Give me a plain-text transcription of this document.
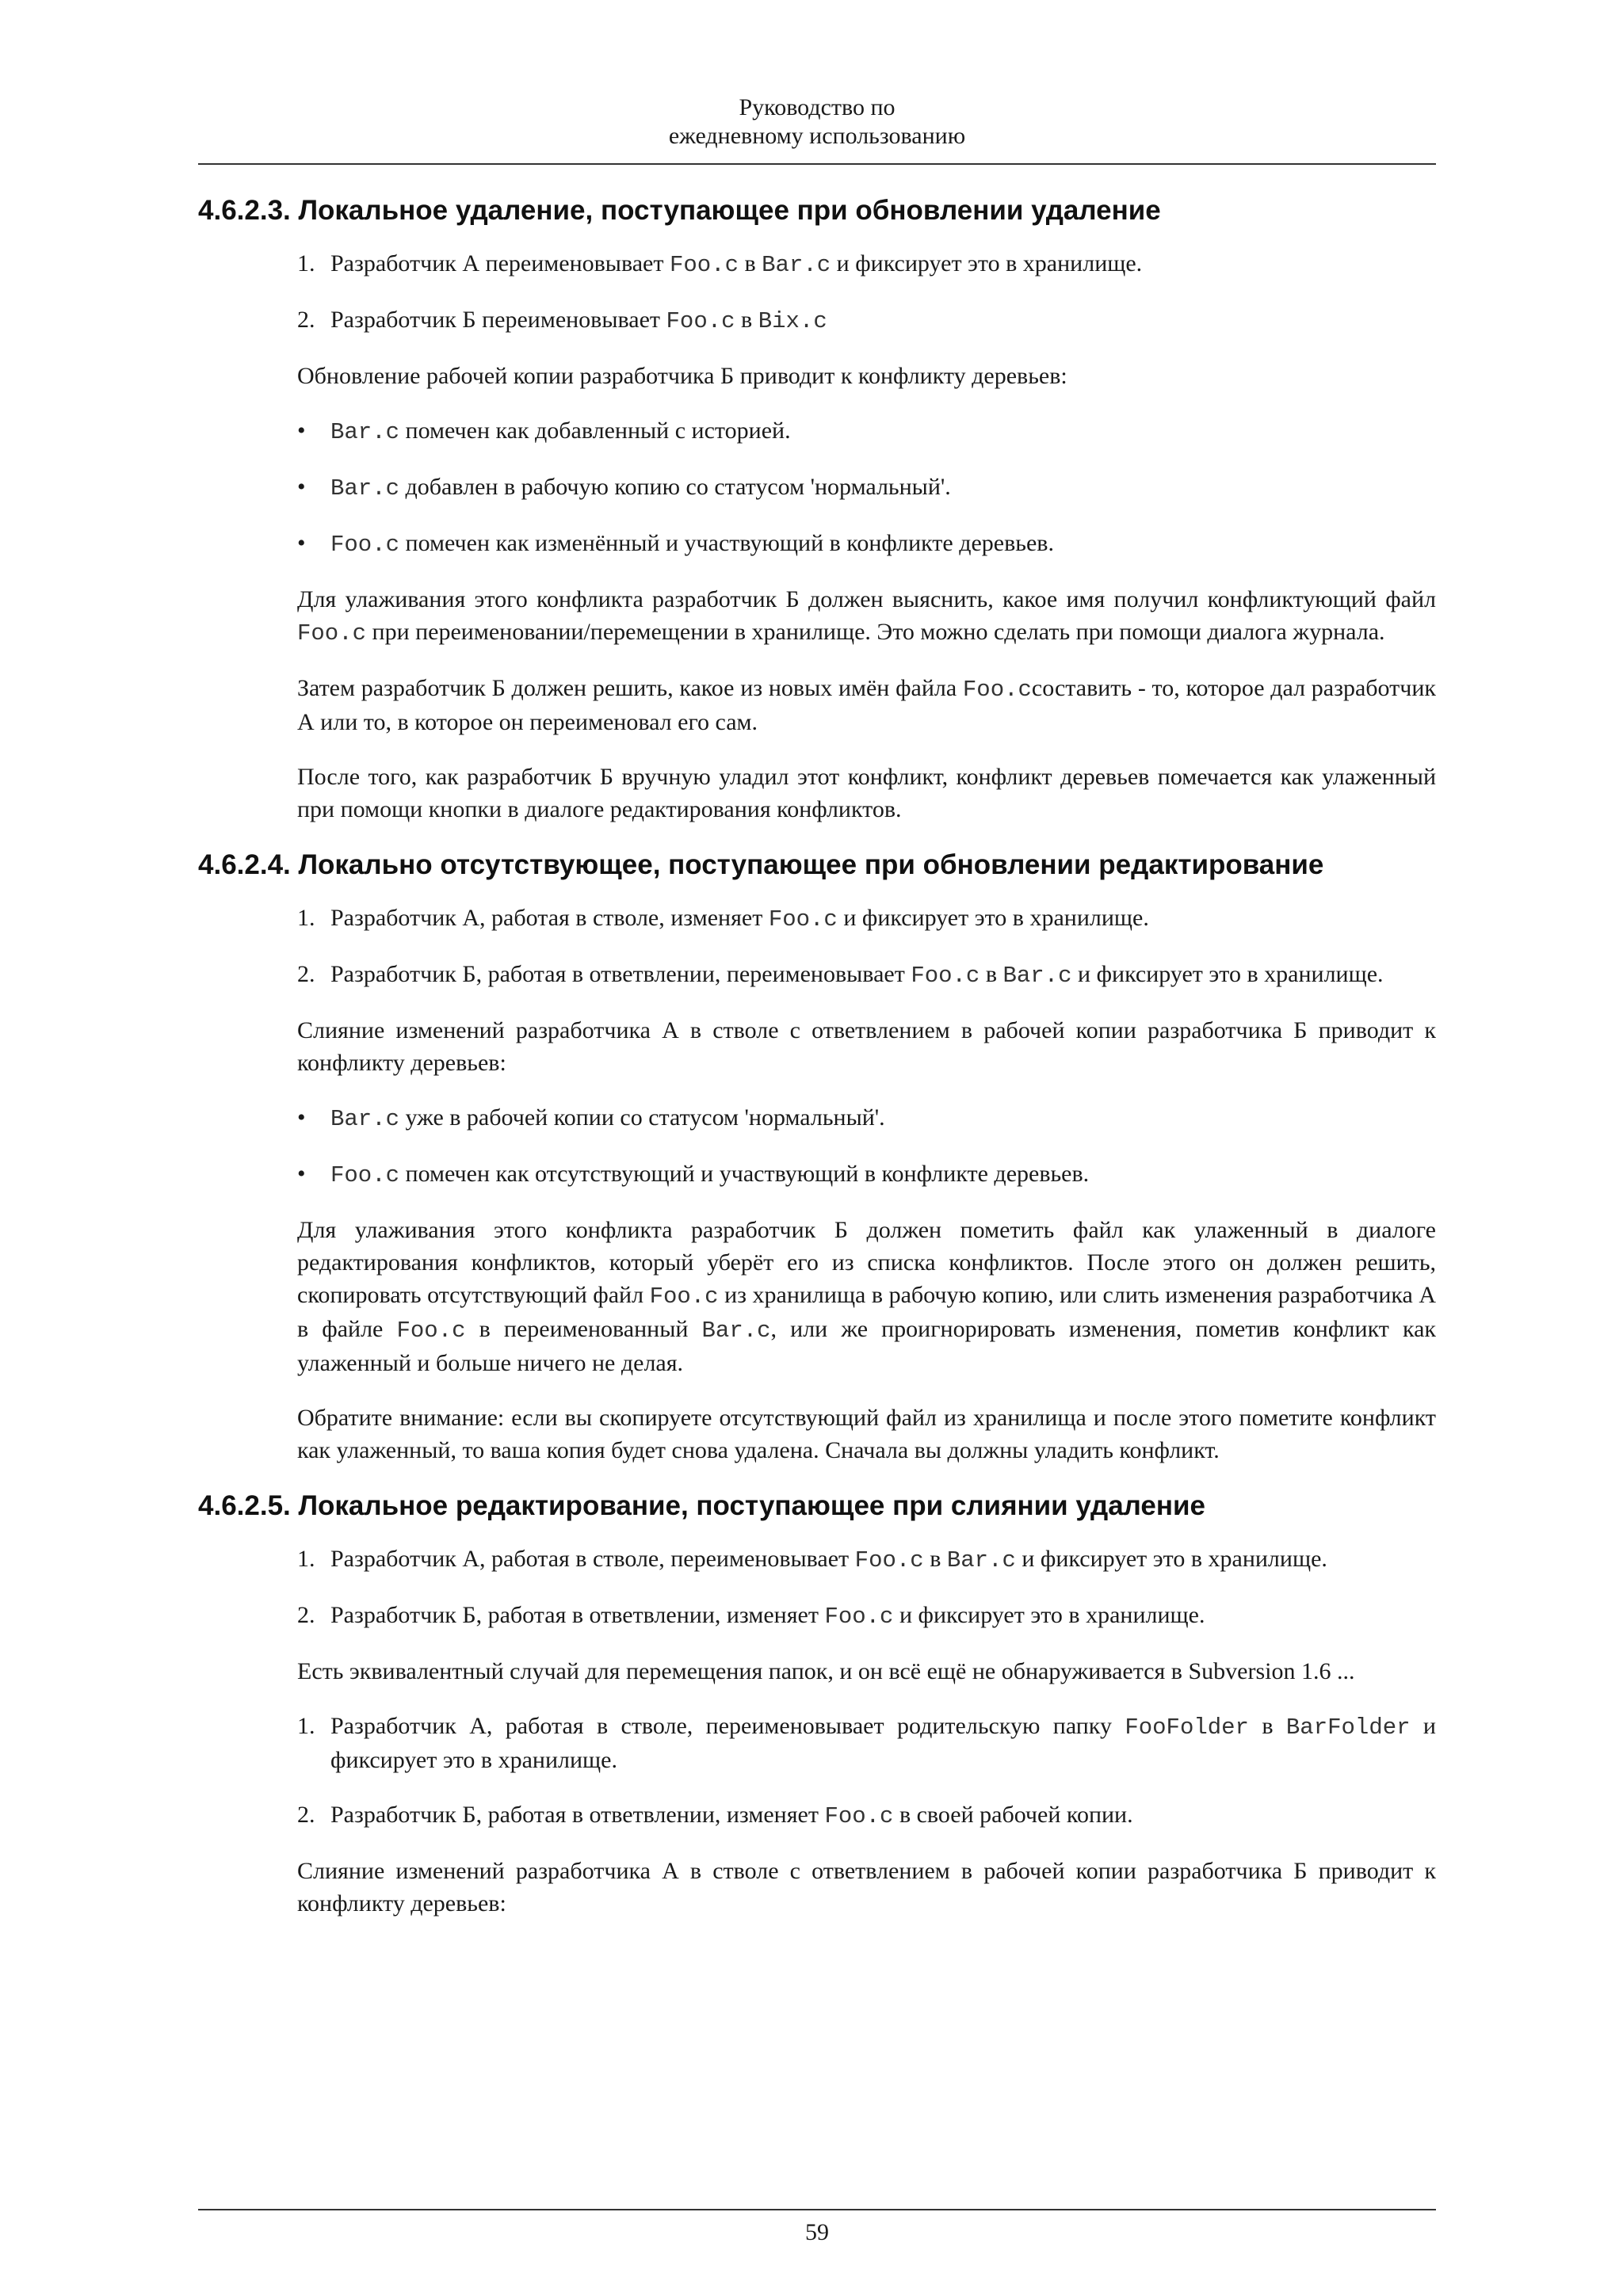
Руководство по
ежедневному использованию
4.6.2.3. Локальное удаление, поступающее при обновлении удаление
1. Разработчик А переименовывает Foo.c в Bar.c и фиксирует это в хранилище.
2. Разработчик Б переименовывает Foo.c в Bix.c

Обновление рабочей копии разработчика Б приводит к конфликту деревьев:

• Bar.c помечен как добавленный с историей.
• Bar.c добавлен в рабочую копию со статусом 'нормальный'.
• Foo.c помечен как изменённый и участвующий в конфликте деревьев.

Для улаживания этого конфликта разработчик Б должен выяснить, какое имя получил конфликтующий файл Foo.c при переименовании/перемещении в хранилище. Это можно сделать при помощи диалога журнала.

Затем разработчик Б должен решить, какое из новых имён файла Foo.cсоставить - то, которое дал разработчик А или то, в которое он переименовал его сам.

После того, как разработчик Б вручную уладил этот конфликт, конфликт деревьев помечается как улаженный при помощи кнопки в диалоге редактирования конфликтов.

4.6.2.4. Локально отсутствующее, поступающее при обновлении редактирование
1. Разработчик А, работая в стволе, изменяет Foo.c и фиксирует это в хранилище.
2. Разработчик Б, работая в ответвлении, переименовывает Foo.c в Bar.c и фиксирует это в хранилище.

Слияние изменений разработчика А в стволе с ответвлением в рабочей копии разработчика Б приводит к конфликту деревьев:

• Bar.c уже в рабочей копии со статусом 'нормальный'.
• Foo.c помечен как отсутствующий и участвующий в конфликте деревьев.

Для улаживания этого конфликта разработчик Б должен пометить файл как улаженный в диалоге редактирования конфликтов, который уберёт его из списка конфликтов. После этого он должен решить, скопировать отсутствующий файл Foo.c из хранилища в рабочую копию, или слить изменения разработчика А в файле Foo.c в переименованный Bar.c, или же проигнорировать изменения, пометив конфликт как улаженный и больше ничего не делая.

Обратите внимание: если вы скопируете отсутствующий файл из хранилища и после этого пометите конфликт как улаженный, то ваша копия будет снова удалена. Сначала вы должны уладить конфликт.

4.6.2.5. Локальное редактирование, поступающее при слиянии удаление
1. Разработчик А, работая в стволе, переименовывает Foo.c в Bar.c и фиксирует это в хранилище.
2. Разработчик Б, работая в ответвлении, изменяет Foo.c и фиксирует это в хранилище.

Есть эквивалентный случай для перемещения папок, и он всё ещё не обнаруживается в Subversion 1.6 ...

1. Разработчик А, работая в стволе, переименовывает родительскую папку FooFolder в BarFolder и фиксирует это в хранилище.
2. Разработчик Б, работая в ответвлении, изменяет Foo.c в своей рабочей копии.

Слияние изменений разработчика А в стволе с ответвлением в рабочей копии разработчика Б приводит к конфликту деревьев:

59
